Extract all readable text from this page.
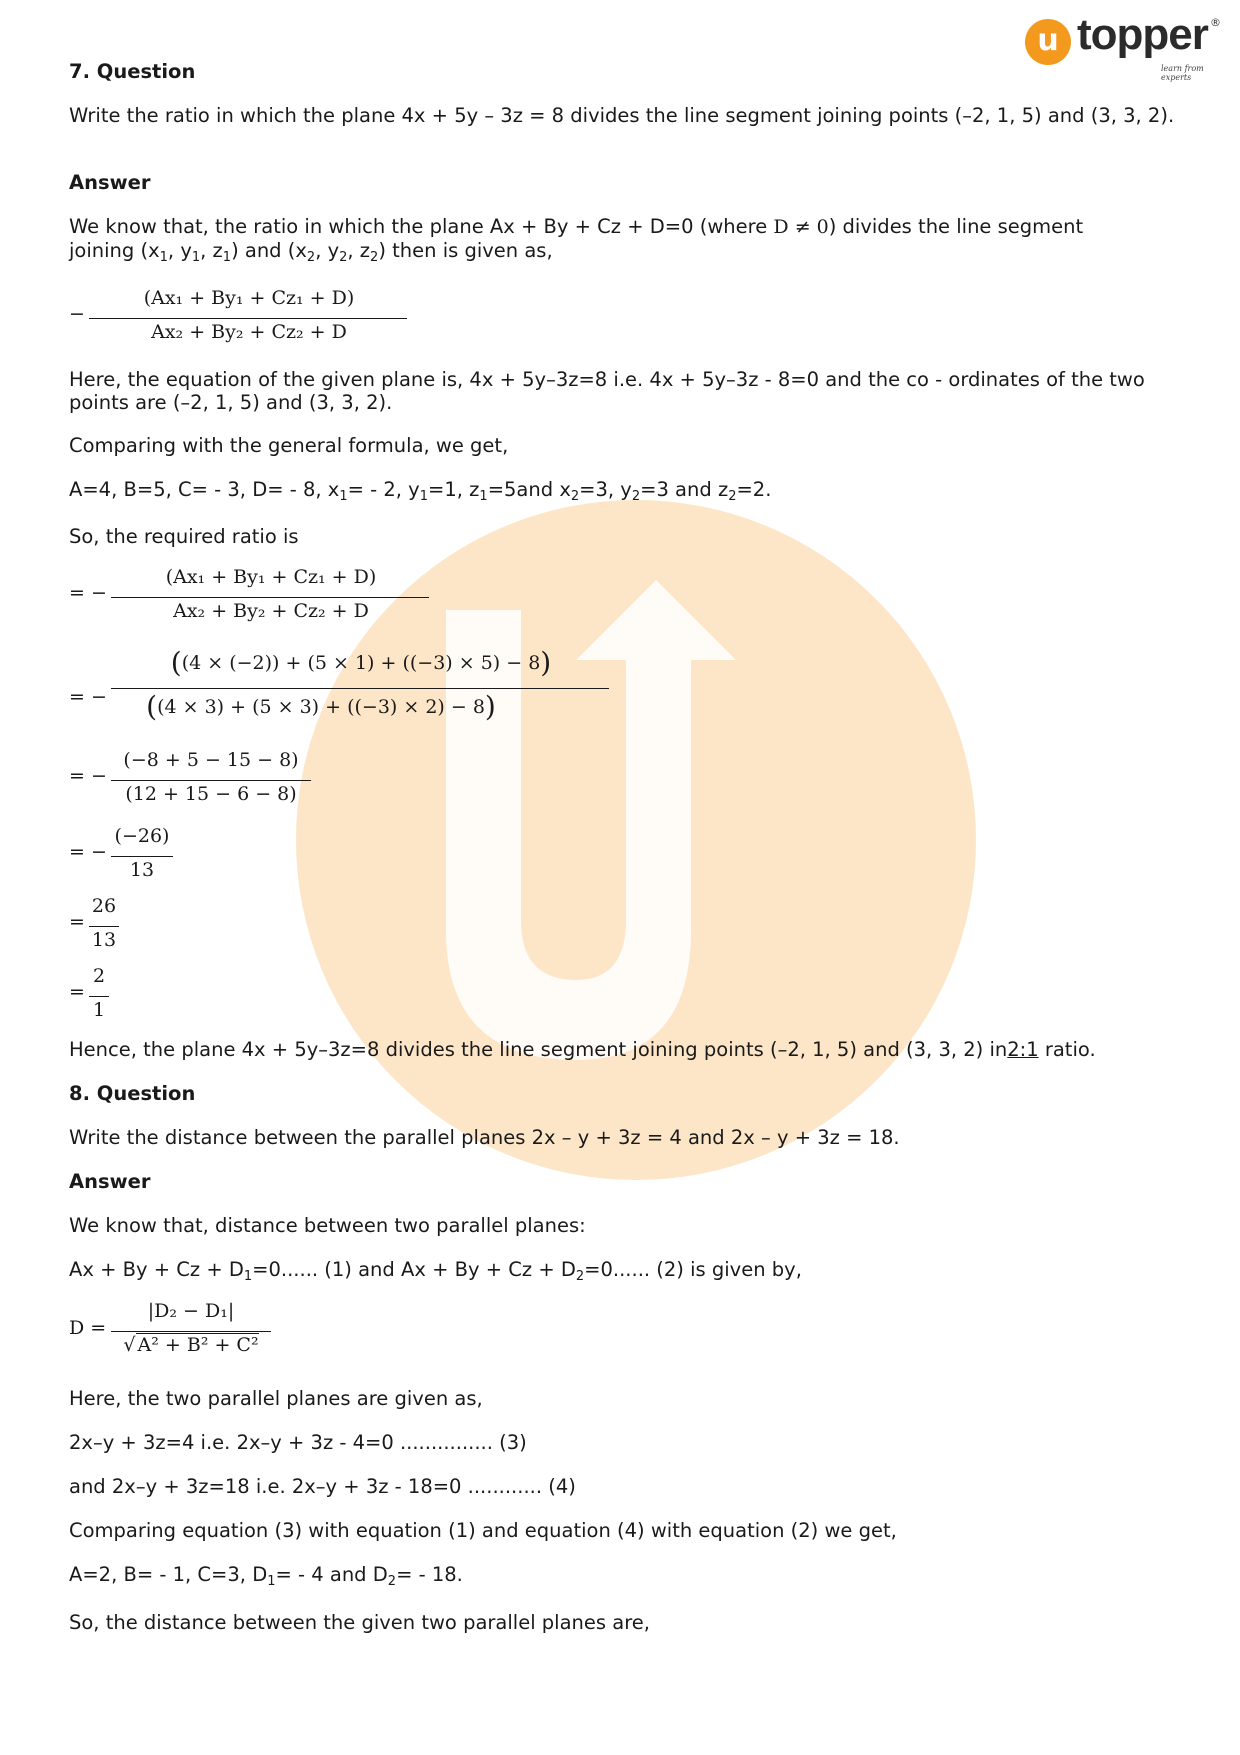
u topper ®
learn from experts
7. Question
Write the ratio in which the plane 4x + 5y – 3z = 8 divides the line segment joining points (–2, 1, 5) and (3, 3, 2).
Answer
We know that, the ratio in which the plane Ax + By + Cz + D=0 (where D ≠ 0) divides the line segment
joining ($x_1$, $y_1$, $z_1$) and ($x_2$, $y_2$, $z_2$) then is given as,
−
(Ax₁ + By₁ + Cz₁ + D)
Ax₂ + By₂ + Cz₂ + D
Here, the equation of the given plane is, 4x + 5y–3z=8 i.e. 4x + 5y–3z - 8=0 and the co - ordinates of the two points are (–2, 1, 5) and (3, 3, 2).
Comparing with the general formula, we get,
A=4, B=5, C= - 3, D= - 8, $x_1= - 2$, $y_1=1$, $z_1=5and$ $x_2=3$, $y_2=3$ and $z_2=2$.
So, the required ratio is
= −
(Ax₁ + By₁ + Cz₁ + D)
Ax₂ + By₂ + Cz₂ + D
= −
((4 × (−2)) + (5 × 1) + ((−3) × 5) − 8)
((4 × 3) + (5 × 3) + ((−3) × 2) − 8)
= −
(−8 + 5 − 15 − 8)
(12 + 15 − 6 − 8)
= −
(−26)
13
=
26
13
=
2
1
Hence, the plane 4x + 5y–3z=8 divides the line segment joining points (–2, 1, 5) and (3, 3, 2) in2:1 ratio.
8. Question
Write the distance between the parallel planes 2x – y + 3z = 4 and 2x – y + 3z = 18.
Answer
We know that, distance between two parallel planes:
$Ax + By + Cz + D_1=0$...... (1) and $Ax + By + Cz + D_2=0$...... (2) is given by,
D =
|D₂ − D₁|
√ A² + B² + C²
Here, the two parallel planes are given as,
2x–y + 3z=4 i.e. 2x–y + 3z - 4=0 ............... (3)
and 2x–y + 3z=18 i.e. 2x–y + 3z - 18=0 ............ (4)
Comparing equation (3) with equation (1) and equation (4) with equation (2) we get,
A=2, B= - 1, C=3, $D_1= - 4$ and $D_2= - 18$.
So, the distance between the given two parallel planes are,
